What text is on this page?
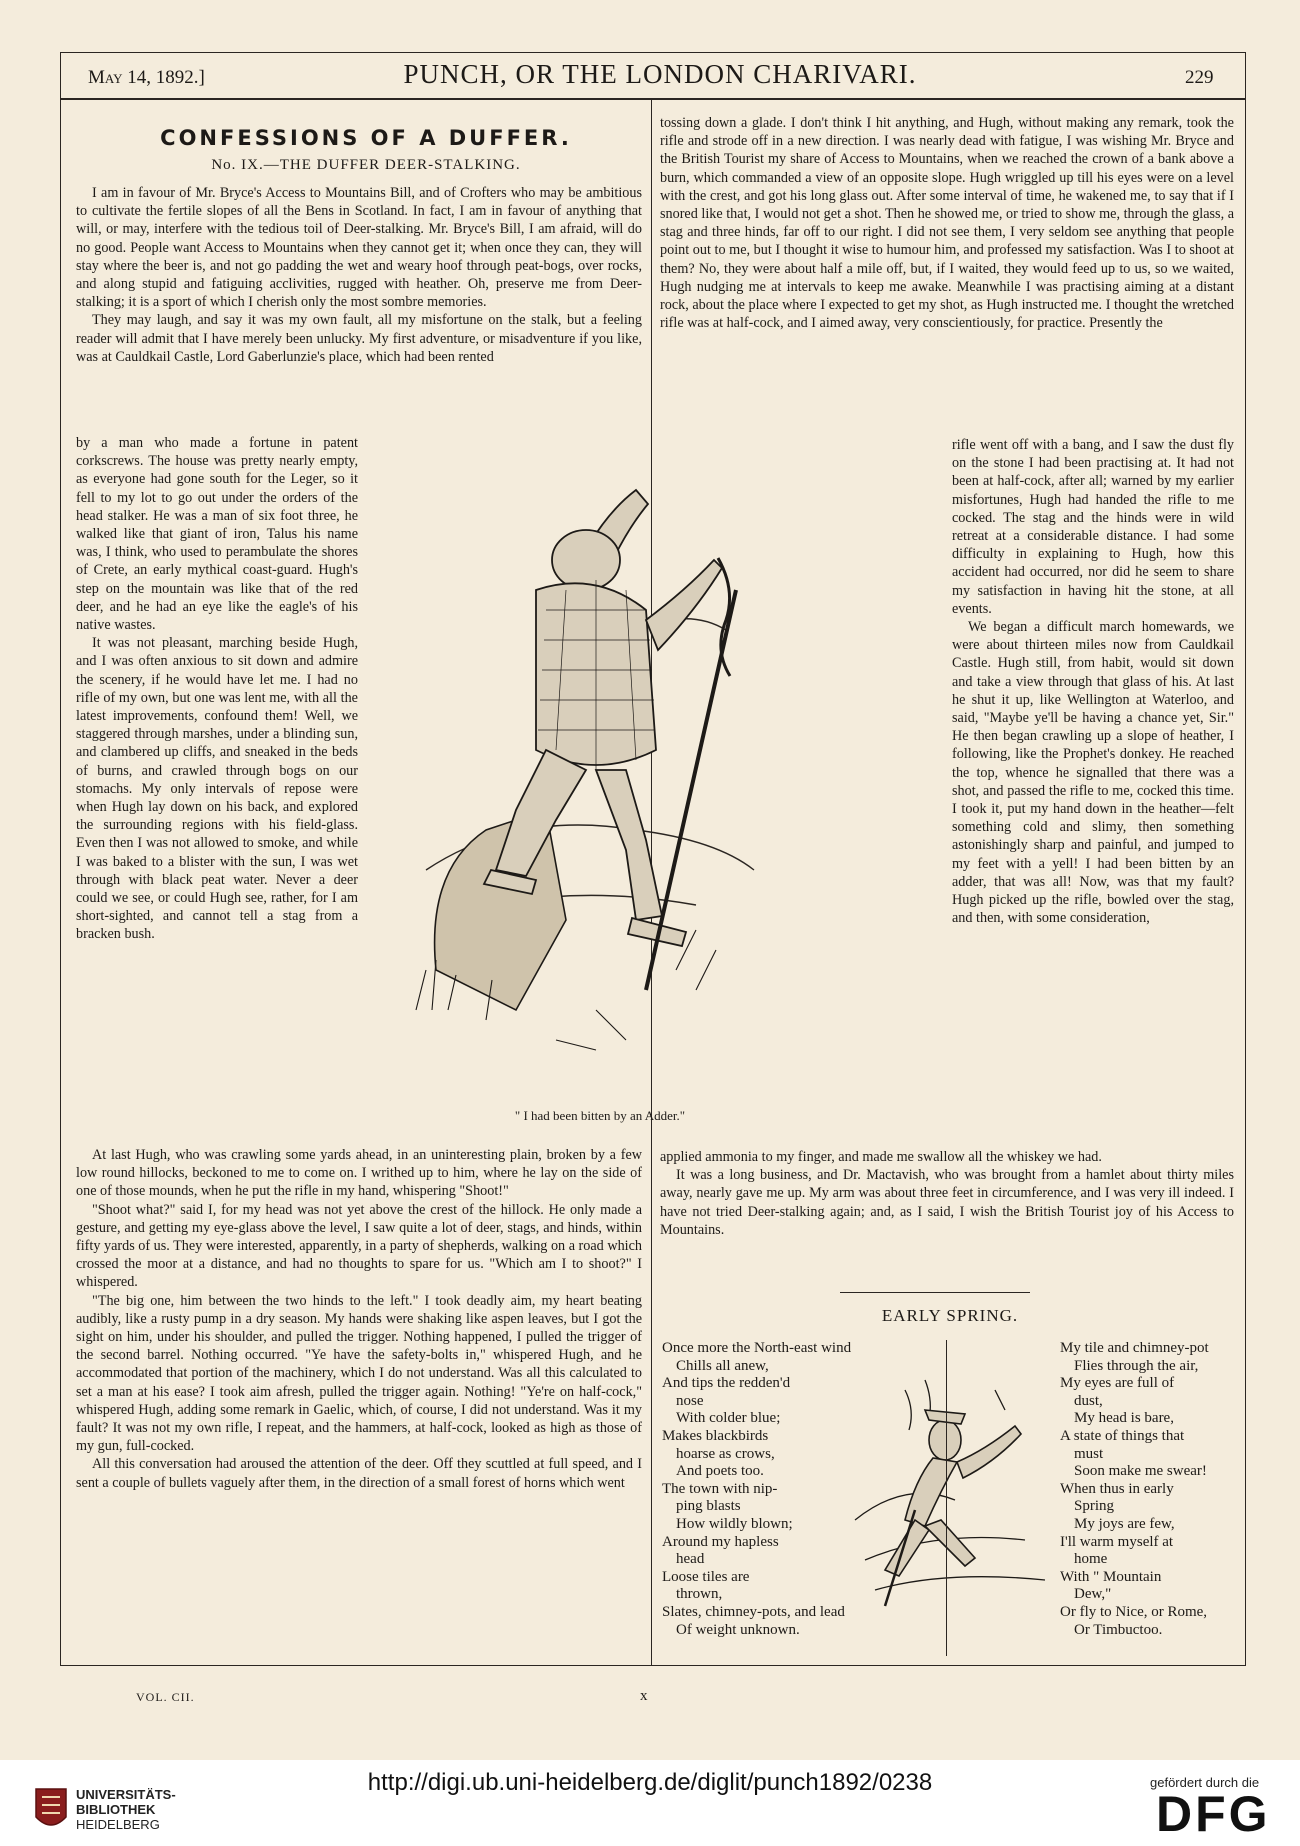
May 14, 1892.]	PUNCH, OR THE LONDON CHARIVARI.	229
CONFESSIONS OF A DUFFER.
No. IX.—THE DUFFER DEER-STALKING.

I am in favour of Mr. Bryce's Access to Mountains Bill, and of Crofters who may be ambitious to cultivate the fertile slopes of all the Bens in Scotland. In fact, I am in favour of anything that will, or may, interfere with the tedious toil of Deer-stalking. Mr. Bryce's Bill, I am afraid, will do no good. People want Access to Mountains when they cannot get it; when once they can, they will stay where the beer is, and not go padding the wet and weary hoof through peat-bogs, over rocks, and along stupid and fatiguing acclivities, rugged with heather. Oh, preserve me from Deer-stalking; it is a sport of which I cherish only the most sombre memories.

They may laugh, and say it was my own fault, all my misfortune on the stalk, but a feeling reader will admit that I have merely been unlucky. My first adventure, or misadventure if you like, was at Cauldkail Castle, Lord Gaberlunzie's place, which had been rented

by a man who made a fortune in patent corkscrews. The house was pretty nearly empty, as everyone had gone south for the Leger, so it fell to my lot to go out under the orders of the head stalker. He was a man of six foot three, he walked like that giant of iron, Talus his name was, I think, who used to perambulate the shores of Crete, an early mythical coast-guard. Hugh's step on the mountain was like that of the red deer, and he had an eye like the eagle's of his native wastes.

It was not pleasant, marching beside Hugh, and I was often anxious to sit down and admire the scenery, if he would have let me. I had no rifle of my own, but one was lent me, with all the latest improvements, confound them! Well, we staggered through marshes, under a blinding sun, and clambered up cliffs, and sneaked in the beds of burns, and crawled through bogs on our stomachs. My only intervals of repose were when Hugh lay down on his back, and explored the surrounding regions with his field-glass. Even then I was not allowed to smoke, and while I was baked to a blister with the sun, I was wet through with black peat water. Never a deer could we see, or could Hugh see, rather, for I am short-sighted, and cannot tell a stag from a bracken bush.

At last Hugh, who was crawling some yards ahead, in an uninteresting plain, broken by a few low round hillocks, beckoned to me to come on. I writhed up to him, where he lay on the side of one of those mounds, when he put the rifle in my hand, whispering "Shoot!"

"Shoot what?" said I, for my head was not yet above the crest of the hillock. He only made a gesture, and getting my eye-glass above the level, I saw quite a lot of deer, stags, and hinds, within fifty yards of us. They were interested, apparently, in a party of shepherds, walking on a road which crossed the moor at a distance, and had no thoughts to spare for us. "Which am I to shoot?" I whispered.

"The big one, him between the two hinds to the left." I took deadly aim, my heart beating audibly, like a rusty pump in a dry season. My hands were shaking like aspen leaves, but I got the sight on him, under his shoulder, and pulled the trigger. Nothing happened, I pulled the trigger of the second barrel. Nothing occurred. "Ye have the safety-bolts in," whispered Hugh, and he accommodated that portion of the machinery, which I do not understand. Was all this calculated to set a man at his ease? I took aim afresh, pulled the trigger again. Nothing! "Ye're on half-cock," whispered Hugh, adding some remark in Gaelic, which, of course, I did not understand. Was it my fault? It was not my own rifle, I repeat, and the hammers, at half-cock, looked as high as those of my gun, full-cocked.

All this conversation had aroused the attention of the deer. Off they scuttled at full speed, and I sent a couple of bullets vaguely after them, in the direction of a small forest of horns which went

tossing down a glade. I don't think I hit anything, and Hugh, without making any remark, took the rifle and strode off in a new direction. I was nearly dead with fatigue, I was wishing Mr. Bryce and the British Tourist my share of Access to Mountains, when we reached the crown of a bank above a burn, which commanded a view of an opposite slope. Hugh wriggled up till his eyes were on a level with the crest, and got his long glass out. After some interval of time, he wakened me, to say that if I snored like that, I would not get a shot. Then he showed me, or tried to show me, through the glass, a stag and three hinds, far off to our right. I did not see them, I very seldom see anything that people point out to me, but I thought it wise to humour him, and professed my satisfaction. Was I to shoot at them? No, they were about half a mile off, but, if I waited, they would feed up to us, so we waited, Hugh nudging me at intervals to keep me awake. Meanwhile I was practising aiming at a distant rock, about the place where I expected to get my shot, as Hugh instructed me. I thought the wretched rifle was at half-cock, and I aimed away, very conscientiously, for practice. Presently the

rifle went off with a bang, and I saw the dust fly on the stone I had been practising at. It had not been at half-cock, after all; warned by my earlier misfortunes, Hugh had handed the rifle to me cocked. The stag and the hinds were in wild retreat at a considerable distance. I had some difficulty in explaining to Hugh, how this accident had occurred, nor did he seem to share my satisfaction in having hit the stone, at all events.

We began a difficult march homewards, we were about thirteen miles now from Cauldkail Castle. Hugh still, from habit, would sit down and take a view through that glass of his. At last he shut it up, like Wellington at Waterloo, and said, "Maybe ye'll be having a chance yet, Sir." He then began crawling up a slope of heather, I following, like the Prophet's donkey. He reached the top, whence he signalled that there was a shot, and passed the rifle to me, cocked this time. I took it, put my hand down in the heather—felt something cold and slimy, then something astonishingly sharp and painful, and jumped to my feet with a yell! I had been bitten by an adder, that was all! Now, was that my fault? Hugh picked up the rifle, bowled over the stag, and then, with some consideration,

applied ammonia to my finger, and made me swallow all the whiskey we had.

It was a long business, and Dr. Mactavish, who was brought from a hamlet about thirty miles away, nearly gave me up. My arm was about three feet in circumference, and I was very ill indeed. I have not tried Deer-stalking again; and, as I said, I wish the British Tourist joy of his Access to Mountains.

" I had been bitten by an Adder."
EARLY SPRING.
Once more the North-east wind
Chills all anew,
And tips the redden'd
nose
With colder blue;
Makes blackbirds
hoarse as crows,
And poets too.
The town with nip-
ping blasts
How wildly blown;
Around my hapless
head
Loose tiles are
thrown,
Slates, chimney-pots, and lead
Of weight unknown.
My tile and chimney-pot
Flies through the air,
My eyes are full of
dust,
My head is bare,
A state of things that
must
Soon make me swear!
When thus in early
Spring
My joys are few,
I'll warm myself at
home
With " Mountain
Dew,"
Or fly to Nice, or Rome,
Or Timbuctoo.
VOL. CII.	x
UNIVERSITÄTS-
BIBLIOTHEK
HEIDELBERG
http://digi.ub.uni-heidelberg.de/diglit/punch1892/0238	gefördert durch die
DFG
